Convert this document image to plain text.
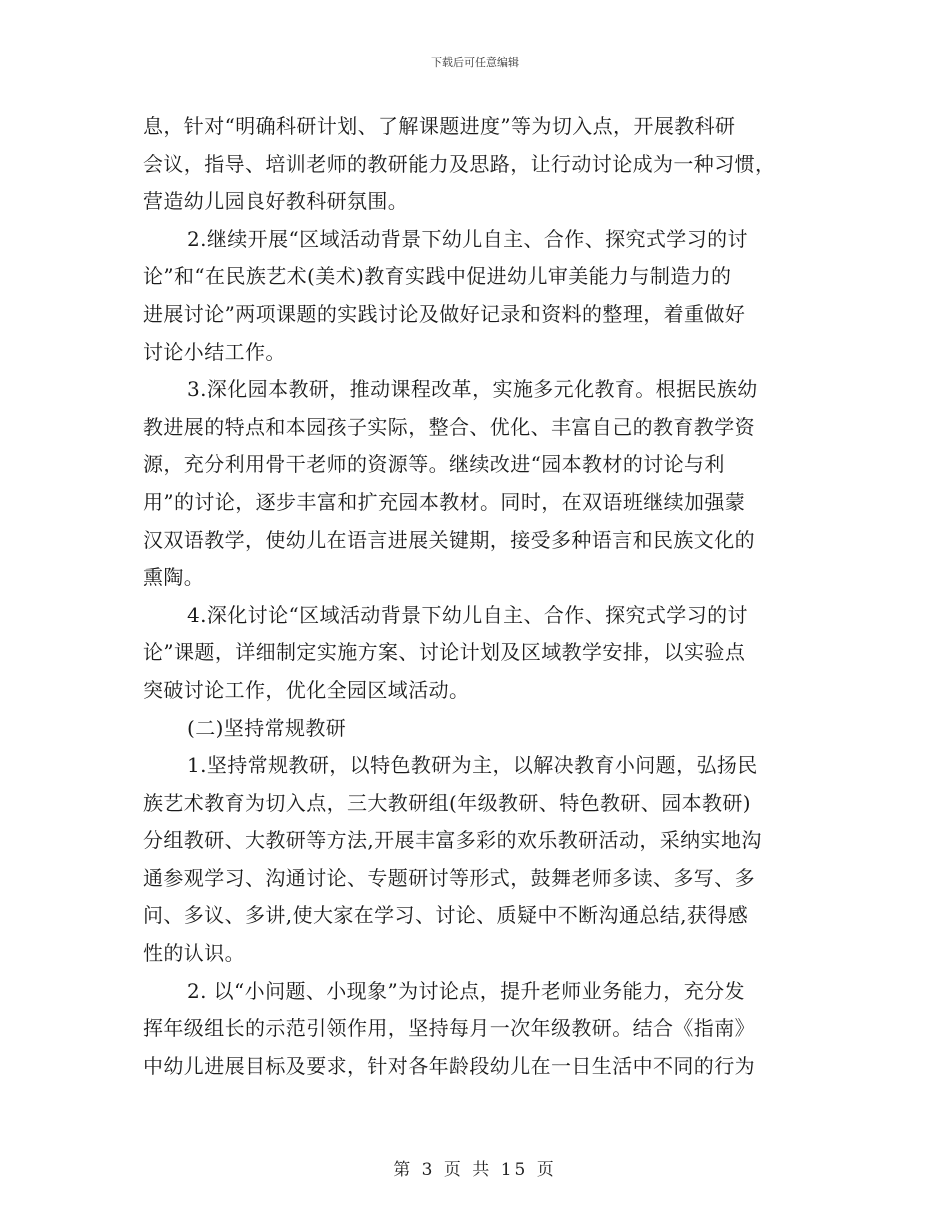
下载后可任意编辑
息，针对“明确科研计划、了解课题进度”等为切入点，开展教科研
会议，指导、培训老师的教研能力及思路，让行动讨论成为一种习惯，
营造幼儿园良好教科研氛围。
2.继续开展“区域活动背景下幼儿自主、合作、探究式学习的讨
论”和“在民族艺术(美术)教育实践中促进幼儿审美能力与制造力的
进展讨论”两项课题的实践讨论及做好记录和资料的整理，着重做好
讨论小结工作。
3.深化园本教研，推动课程改革，实施多元化教育。根据民族幼
教进展的特点和本园孩子实际，整合、优化、丰富自己的教育教学资
源，充分利用骨干老师的资源等。继续改进“园本教材的讨论与利
用”的讨论，逐步丰富和扩充园本教材。同时，在双语班继续加强蒙
汉双语教学，使幼儿在语言进展关键期，接受多种语言和民族文化的
熏陶。
4.深化讨论“区域活动背景下幼儿自主、合作、探究式学习的讨
论”课题，详细制定实施方案、讨论计划及区域教学安排，以实验点
突破讨论工作，优化全园区域活动。
(二)坚持常规教研
1.坚持常规教研，以特色教研为主，以解决教育小问题，弘扬民
族艺术教育为切入点，三大教研组(年级教研、特色教研、园本教研)
分组教研、大教研等方法,开展丰富多彩的欢乐教研活动，采纳实地沟
通参观学习、沟通讨论、专题研讨等形式，鼓舞老师多读、多写、多
问、多议、多讲,使大家在学习、讨论、质疑中不断沟通总结,获得感
性的认识。
2. 以“小问题、小现象”为讨论点，提升老师业务能力，充分发
挥年级组长的示范引领作用，坚持每月一次年级教研。结合《指南》
中幼儿进展目标及要求，针对各年龄段幼儿在一日生活中不同的行为
第 3 页 共 15 页
